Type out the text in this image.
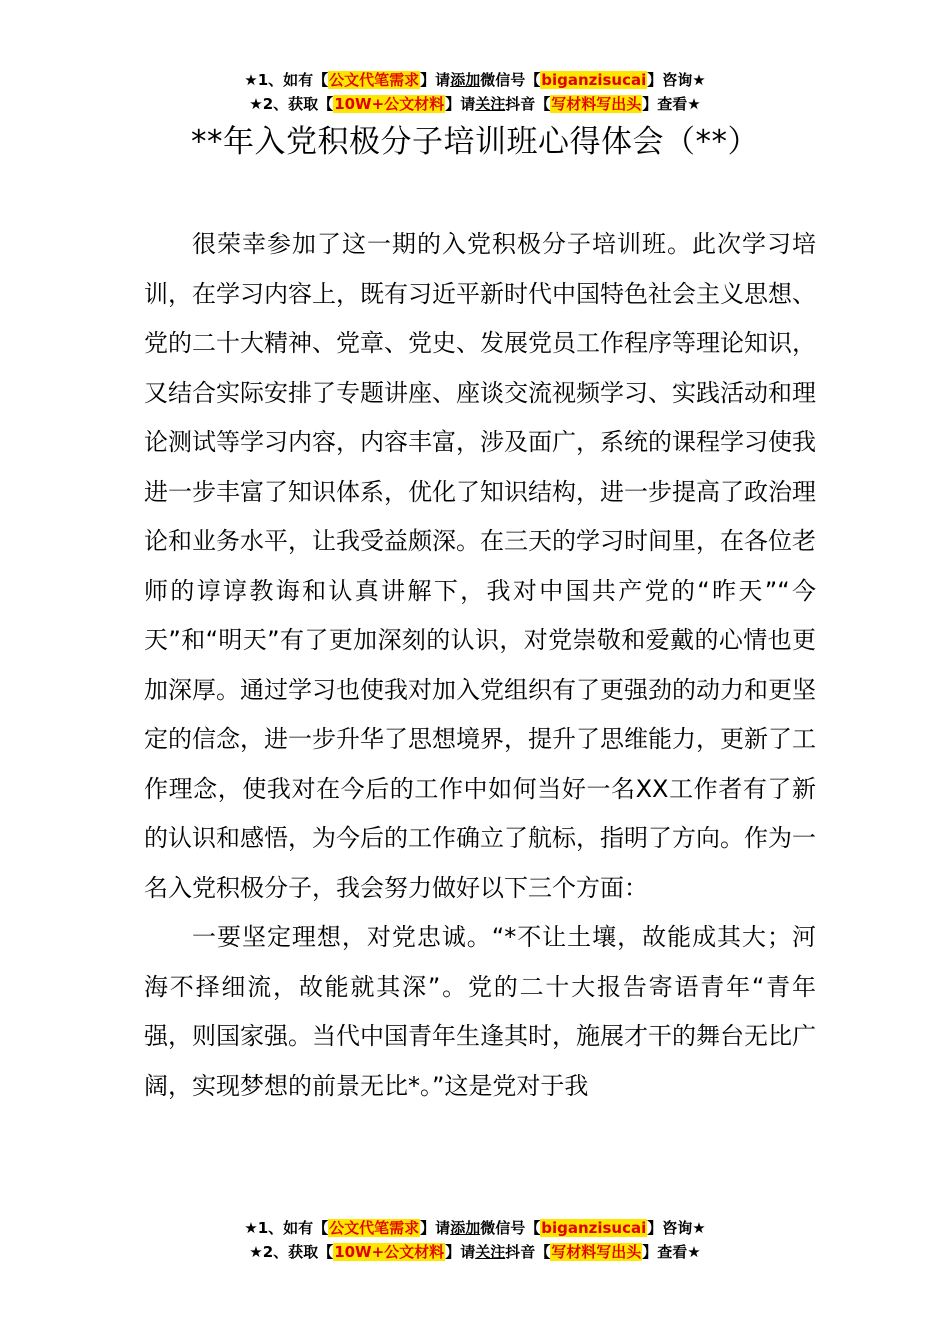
★1、如有【公文代笔需求】请添加微信号【biganzisucai】咨询★
★2、获取【10W+公文材料】请关注抖音【写材料写出头】查看★
**年入党积极分子培训班心得体会（**）

很荣幸参加了这一期的入党积极分子培训班。此次学习培训，在学习内容上，既有习近平新时代中国特色社会主义思想、党的二十大精神、党章、党史、发展党员工作程序等理论知识，又结合实际安排了专题讲座、座谈交流视频学习、实践活动和理论测试等学习内容，内容丰富，涉及面广，系统的课程学习使我进一步丰富了知识体系，优化了知识结构，进一步提高了政治理论和业务水平，让我受益颇深。在三天的学习时间里，在各位老师的谆谆教诲和认真讲解下，我对中国共产党的“昨天”“今天”和“明天”有了更加深刻的认识，对党崇敬和爱戴的心情也更加深厚。通过学习也使我对加入党组织有了更强劲的动力和更坚定的信念，进一步升华了思想境界，提升了思维能力，更新了工作理念，使我对在今后的工作中如何当好一名XX工作者有了新的认识和感悟，为今后的工作确立了航标，指明了方向。作为一名入党积极分子，我会努力做好以下三个方面：

一要坚定理想，对党忠诚。“*不让土壤，故能成其大；河海不择细流，故能就其深”。党的二十大报告寄语青年“青年强，则国家强。当代中国青年生逢其时，施展才干的舞台无比广阔，实现梦想的前景无比*。”这是党对于我

★1、如有【公文代笔需求】请添加微信号【biganzisucai】咨询★
★2、获取【10W+公文材料】请关注抖音【写材料写出头】查看★
